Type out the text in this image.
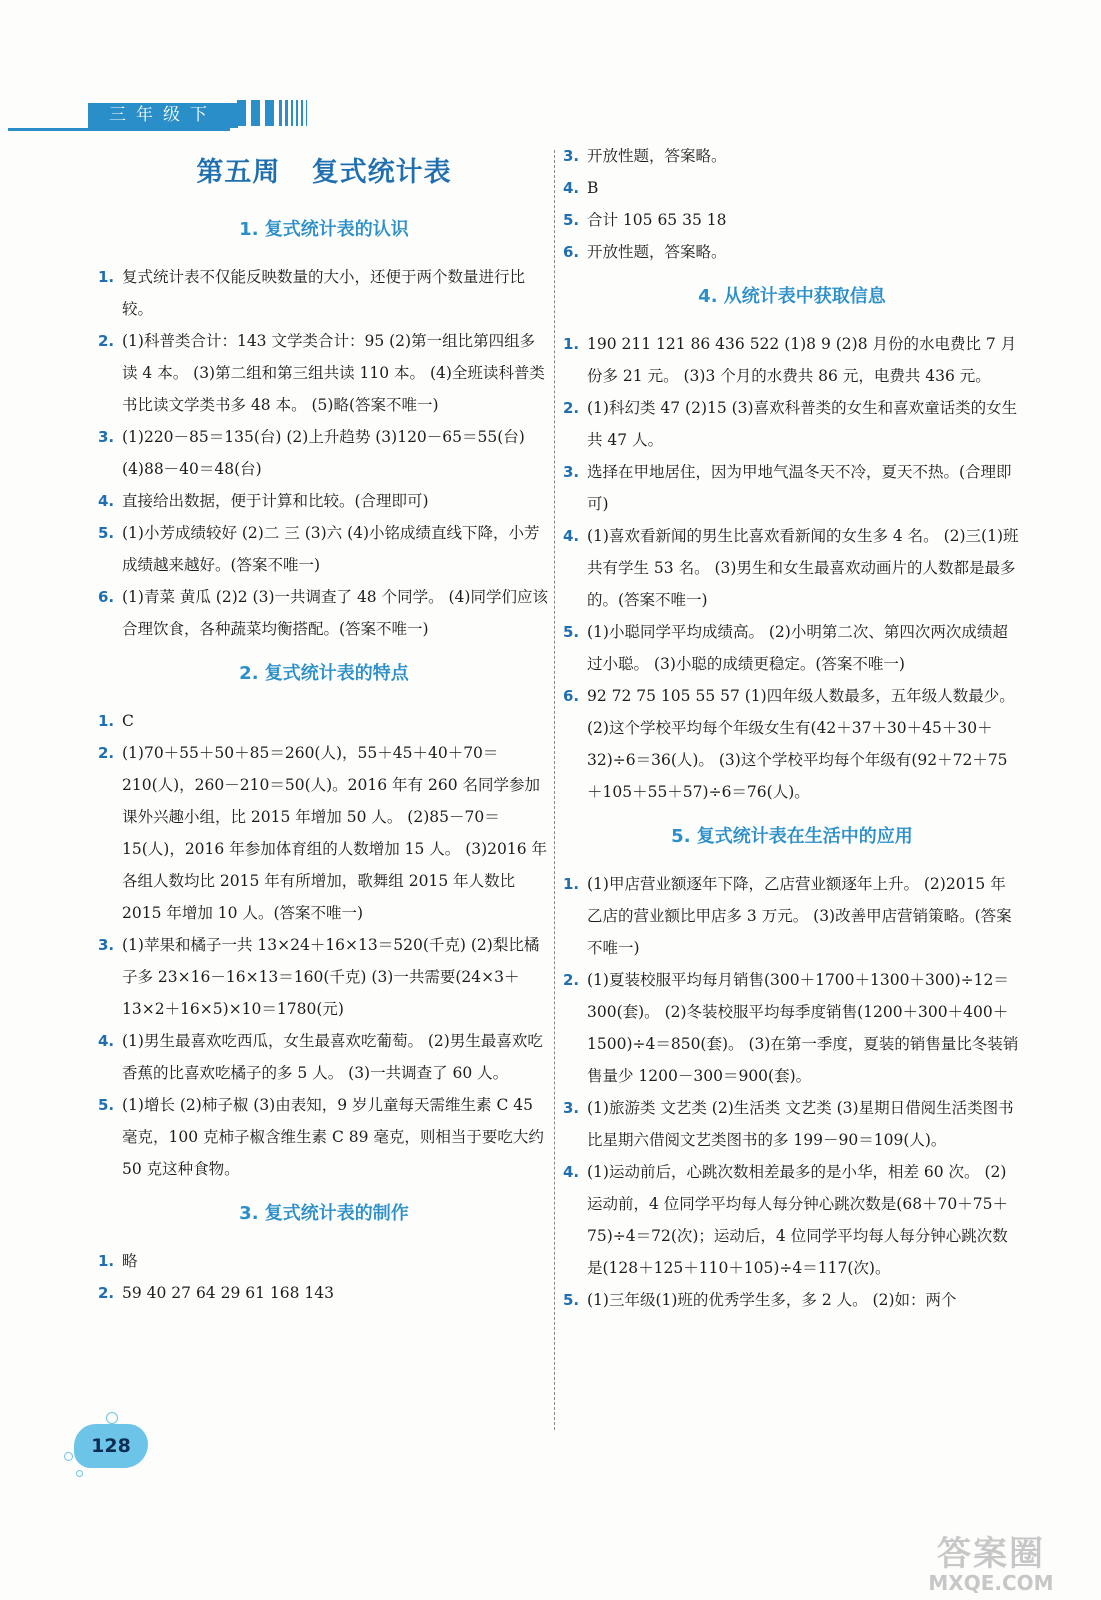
三年级下
第五周   复式统计表
1. 复式统计表的认识
1. 复式统计表不仅能反映数量的大小，还便于两个数量进行比较。
2. (1)科普类合计：143 文学类合计：95 (2)第一组比第四组多读 4 本。 (3)第二组和第三组共读 110 本。 (4)全班读科普类书比读文学类书多 48 本。 (5)略(答案不唯一)
3. (1)220－85＝135(台) (2)上升趋势 (3)120－65＝55(台) (4)88－40＝48(台)
4. 直接给出数据，便于计算和比较。(合理即可)
5. (1)小芳成绩较好 (2)二 三 (3)六 (4)小铭成绩直线下降，小芳成绩越来越好。(答案不唯一)
6. (1)青菜 黄瓜 (2)2 (3)一共调查了 48 个同学。 (4)同学们应该合理饮食，各种蔬菜均衡搭配。(答案不唯一)
2. 复式统计表的特点
1. C
2. (1)70＋55＋50＋85＝260(人)，55＋45＋40＋70＝210(人)，260－210＝50(人)。2016 年有 260 名同学参加课外兴趣小组，比 2015 年增加 50 人。 (2)85－70＝15(人)，2016 年参加体育组的人数增加 15 人。 (3)2016 年各组人数均比 2015 年有所增加，歌舞组 2015 年人数比 2015 年增加 10 人。(答案不唯一)
3. (1)苹果和橘子一共 13×24＋16×13＝520(千克) (2)梨比橘子多 23×16－16×13＝160(千克) (3)一共需要(24×3＋13×2＋16×5)×10＝1780(元)
4. (1)男生最喜欢吃西瓜，女生最喜欢吃葡萄。 (2)男生最喜欢吃香蕉的比喜欢吃橘子的多 5 人。 (3)一共调查了 60 人。
5. (1)增长 (2)柿子椒 (3)由表知，9 岁儿童每天需维生素 C 45 毫克，100 克柿子椒含维生素 C 89 毫克，则相当于要吃大约 50 克这种食物。
3. 复式统计表的制作
1. 略
2. 59 40 27 64 29 61 168 143
3. 开放性题，答案略。
4. B
5. 合计 105 65 35 18
6. 开放性题，答案略。
4. 从统计表中获取信息
1. 190 211 121 86 436 522 (1)8 9 (2)8 月份的水电费比 7 月份多 21 元。 (3)3 个月的水费共 86 元，电费共 436 元。
2. (1)科幻类 47 (2)15 (3)喜欢科普类的女生和喜欢童话类的女生共 47 人。
3. 选择在甲地居住，因为甲地气温冬天不冷，夏天不热。(合理即可)
4. (1)喜欢看新闻的男生比喜欢看新闻的女生多 4 名。 (2)三(1)班共有学生 53 名。 (3)男生和女生最喜欢动画片的人数都是最多的。(答案不唯一)
5. (1)小聪同学平均成绩高。 (2)小明第二次、第四次两次成绩超过小聪。 (3)小聪的成绩更稳定。(答案不唯一)
6. 92 72 75 105 55 57 (1)四年级人数最多，五年级人数最少。 (2)这个学校平均每个年级女生有(42＋37＋30＋45＋30＋32)÷6＝36(人)。 (3)这个学校平均每个年级有(92＋72＋75＋105＋55＋57)÷6＝76(人)。
5. 复式统计表在生活中的应用
1. (1)甲店营业额逐年下降，乙店营业额逐年上升。 (2)2015 年乙店的营业额比甲店多 3 万元。 (3)改善甲店营销策略。(答案不唯一)
2. (1)夏装校服平均每月销售(300＋1700＋1300＋300)÷12＝300(套)。 (2)冬装校服平均每季度销售(1200＋300＋400＋1500)÷4＝850(套)。 (3)在第一季度，夏装的销售量比冬装销售量少 1200－300＝900(套)。
3. (1)旅游类 文艺类 (2)生活类 文艺类 (3)星期日借阅生活类图书比星期六借阅文艺类图书的多 199－90＝109(人)。
4. (1)运动前后，心跳次数相差最多的是小华，相差 60 次。 (2)运动前，4 位同学平均每人每分钟心跳次数是(68＋70＋75＋75)÷4＝72(次)；运动后，4 位同学平均每人每分钟心跳次数是(128＋125＋110＋105)÷4＝117(次)。
5. (1)三年级(1)班的优秀学生多，多 2 人。 (2)如：两个
128
答案圈
MXQE.COM
